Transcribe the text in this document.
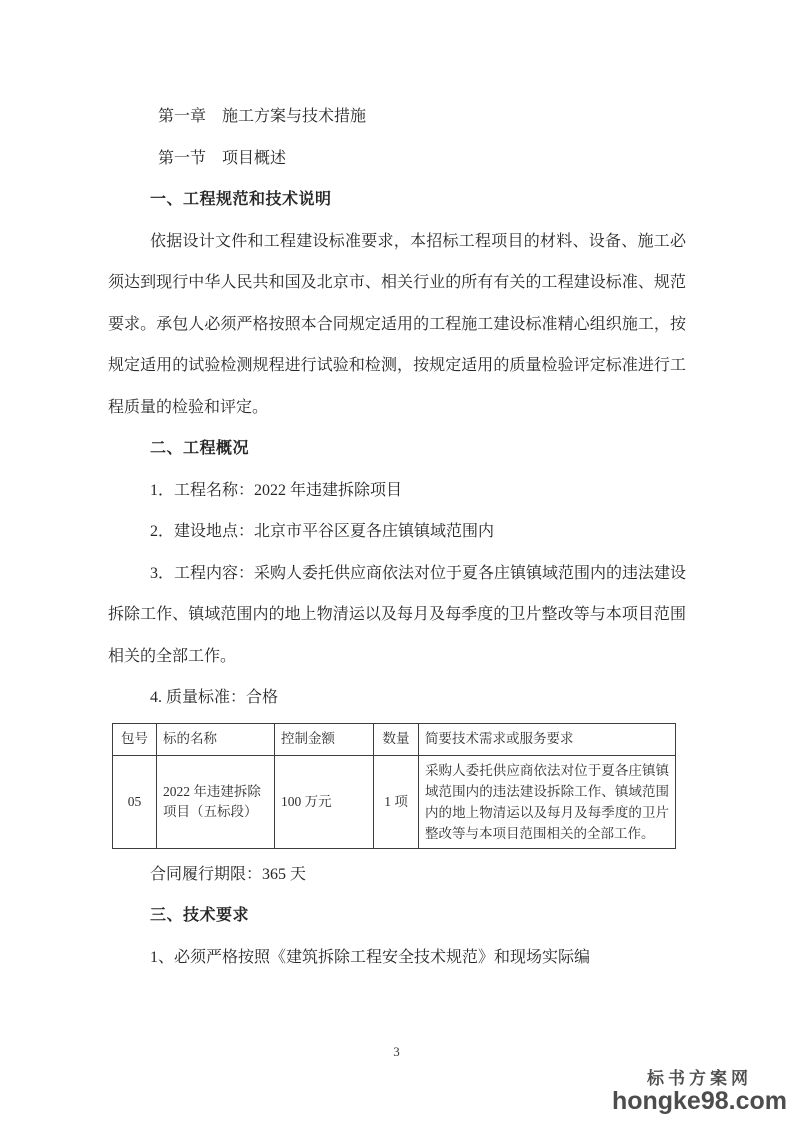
第一章　施工方案与技术措施
第一节　项目概述
一、工程规范和技术说明

依据设计文件和工程建设标准要求，本招标工程项目的材料、设备、施工必须达到现行中华人民共和国及北京市、相关行业的所有有关的工程建设标准、规范要求。承包人必须严格按照本合同规定适用的工程施工建设标准精心组织施工，按规定适用的试验检测规程进行试验和检测，按规定适用的质量检验评定标准进行工程质量的检验和评定。

二、工程概况

1．工程名称：2022 年违建拆除项目

2．建设地点：北京市平谷区夏各庄镇镇域范围内

3．工程内容：采购人委托供应商依法对位于夏各庄镇镇域范围内的违法建设拆除工作、镇域范围内的地上物清运以及每月及每季度的卫片整改等与本项目范围相关的全部工作。

4. 质量标准：合格

包号	标的名称	控制金额	数量	简要技术需求或服务要求
05	2022 年违建拆除项目（五标段）	100 万元	1 项	采购人委托供应商依法对位于夏各庄镇镇域范围内的违法建设拆除工作、镇域范围内的地上物清运以及每月及每季度的卫片整改等与本项目范围相关的全部工作。

合同履行期限：365 天

三、技术要求

1、必须严格按照《建筑拆除工程安全技术规范》和现场实际编

3
标书方案网
hongke98.com
